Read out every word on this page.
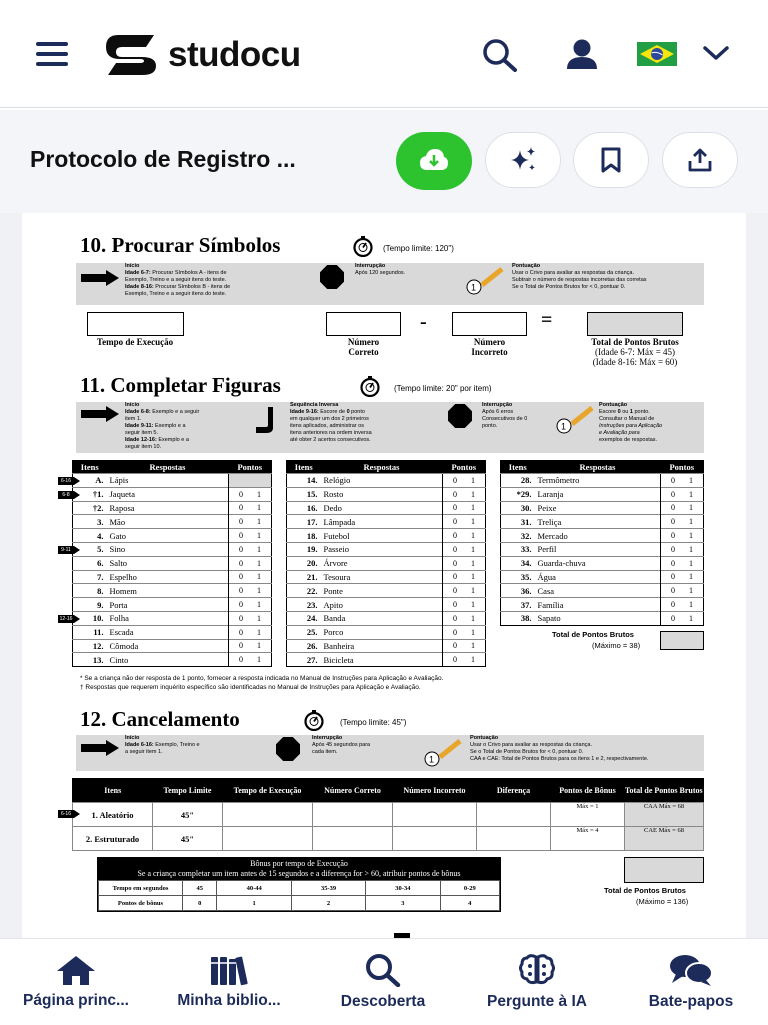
studocu
Protocolo de Registro ...
10. Procurar Símbolos	(Tempo limite: 120")
Início
Idade 6-7: Procurar Símbolos A - itens de
Exemplo, Treino e a seguir itens do teste.
Idade 8-16: Procurar Símbolos B - itens de
Exemplo, Treino e a seguir itens do teste.
Interrupção
Após 120 segundos.
1
Pontuação
Usar o Crivo para avaliar as respostas da criança.
Subtrair o número de respostas incorretas das corretas
Se o Total de Pontos Brutos for < 0, pontuar 0.
Tempo de Execução	Número
Correto
-
Número
Incorreto
=
Total de Pontos Brutos
(Idade 6-7: Máx = 45)
(Idade 8-16: Máx = 60)
11. Completar Figuras	(Tempo limite: 20" por item)
Início
Idade 6-8: Exemplo e a seguir
item 1.
Idade 9-11: Exemplo e a
seguir item 5.
Idade 12-16: Exemplo e a
seguir item 10.
Sequência Inversa
Idade 9-16: Escore de 0 ponto
em qualquer um dos 2 primeiros
itens aplicados, administrar os
itens anteriores na ordem inversa
até obter 2 acertos consecutivos.
Interrupção
Após 6 erros
Consecutivos de 0
ponto.	1
Pontuação
Escore 0 ou 1 ponto.
Consultar o Manual de
Instruções para Aplicação
e Avaliação para
exemplos de respostas.
Itens	Respostas	Pontos
A.	Lápis	
†1.	Jaqueta	0 1
†2.	Raposa	0 1
3.	Mão	0 1
4.	Gato	0 1
5.	Sino	0 1
6.	Salto	0 1
7.	Espelho	0 1
8.	Homem	0 1
9.	Porta	0 1
10.	Folha	0 1
11.	Escada	0 1
12.	Cômoda	0 1
13.	Cinto	0 1
Itens	Respostas	Pontos
14.	Relógio	0 1
15.	Rosto	0 1
16.	Dedo	0 1
17.	Lâmpada	0 1
18.	Futebol	0 1
19.	Passeio	0 1
20.	Árvore	0 1
21.	Tesoura	0 1
22.	Ponte	0 1
23.	Apito	0 1
24.	Banda	0 1
25.	Porco	0 1
26.	Banheira	0 1
27.	Bicicleta	0 1
Itens	Respostas	Pontos
28.	Termômetro	0 1
*29.	Laranja	0 1
30.	Peixe	0 1
31.	Treliça	0 1
32.	Mercado	0 1
33.	Perfil	0 1
34.	Guarda-chuva	0 1
35.	Água	0 1
36.	Casa	0 1
37.	Família	0 1
38.	Sapato	0 1
6-16
6-8
9-11
12-16
Total de Pontos Brutos
(Máximo = 38)
* Se a criança não der resposta de 1 ponto, fornecer a resposta indicada no Manual de Instruções para Aplicação e Avaliação.
† Respostas que requerem inquérito específico são identificadas no Manual de Instruções para Aplicação e Avaliação.
12. Cancelamento	(Tempo limite: 45")
Início
Idade 6-16: Exemplo, Treino e
a seguir item 1.
Interrupção
Após 45 segundos para
cada item.
1
Pontuação
Usar o Crivo para avaliar as respostas da criança.
Se o Total de Pontos Brutos for < 0, pontuar 0.
CAA e CAE: Total de Pontos Brutos para os itens 1 e 2, respectivamente.
Itens	Tempo Limite	Tempo de Execução	Número Correto	Número Incorreto	Diferença	Pontos de Bônus	Total de Pontos Brutos
1. Aleatório	45"					Máx = 1	CAA Máx = 68
2. Estruturado	45"					Máx = 4	CAE Máx = 68
6-16
Bônus por tempo de Execução
Se a criança completar um item antes de 15 segundos e a diferença for > 60, atribuir pontos de bônus
Tempo em segundos	45	40-44	35-39	30-34	0-29
Pontos de bônus	0	1	2	3	4
Total de Pontos Brutos
(Máximo = 136)
Página princ...	Minha biblio...	Descoberta	Pergunte à IA	Bate-papos
